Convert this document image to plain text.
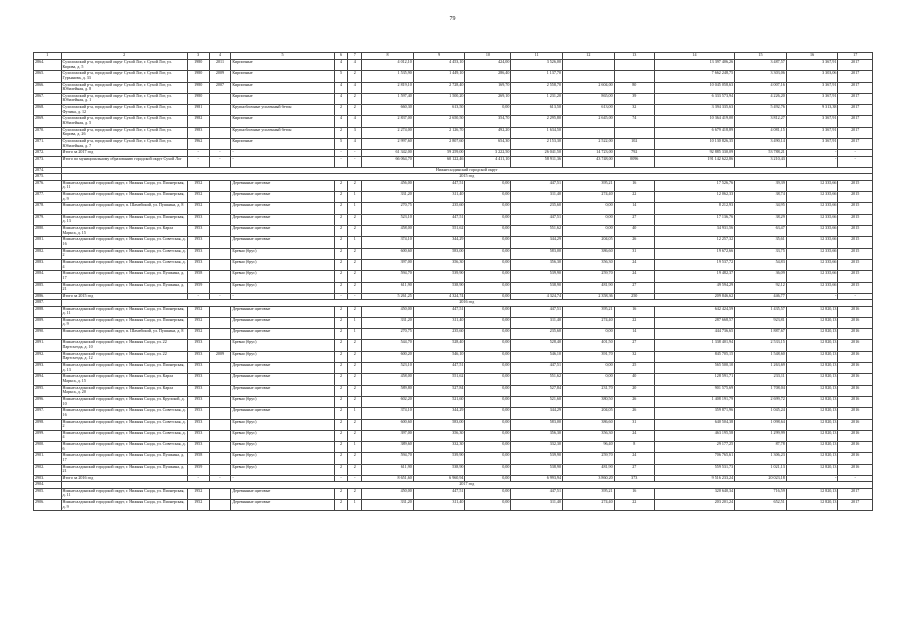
79
1	2	3	4	5	6	7	8	9	10	11	12	13	14	15	16	17
2864.	Сухоложский р-н, городской округ Сухой Лог, г. Сухой Лог, ул. Кирова, д. 5	1980	2011	Кирпичные	4	4	4 012,10	4 453,10	424,00	3 526,00			13 397 406,26	3 487,57	3 367,91	2017
2865.	Сухоложский р-н, городской округ Сухой Лог, г. Сухой Лог, ул. Гурьянова, д. 33	1980	2009	Кирпичные	5	2	1 535,90	1 449,10	286,40	1 137,70			7 662 248,75	3 303,06	3 303,06	2017
2866.	Сухоложский р-н, городской округ Сухой Лог, г. Сухой Лог, ул. Юбилейная, д. 8	1980	2007	Кирпичные	4	4	2 819,10	2 728,40	169,70	2 558,70	2 604,00	80	10 045 058,63	4 007,16	3 367,91	2017
2867.	Сухоложский р-н, городской округ Сухой Лог, г. Сухой Лог, ул. Юбилейная, д. 1	1980		Кирпичные	4	2	1 597,40	1 500,20	269,10	1 231,20	865,00	39	6 333 573,94	4 226,20	3 367,91	2017
2868.	Сухоложский р-н, городской округ Сухой Лог, г. Сухой Лог, ул. Фучика, д. 12	1981		Крупноблочные усиленный бетон	2	2	660,30	613,50	0,00	613,50	613,00	32	3 394 335,63	5 492,76	9 313,38	2017
2869.	Сухоложский р-н, городской округ Сухой Лог, г. Сухой Лог, ул. Юбилейная, д. 5	1982		Кирпичные	4	4	2 837,00	2 650,50	354,70	2 295,80	2 645,00	74	10 364 419,00	3 812,27	3 367,91	2017
2870.	Сухоложский р-н, городской округ Сухой Лог, г. Сухой Лог, ул. Кирова, д. 26	1983		Крупноблочные усиленный бетон	2	3	2 274,00	2 126,70	492,20	1 634,50			6 679 418,89	4 081,15	3 367,91	2017
2871.	Сухоложский р-н, городской округ Сухой Лог, г. Сухой Лог, ул. Юбилейная, д. 7	1962		Кирпичные	5	4	2 997,60	2 807,60	654,30	2 153,30	2 522,00	102	10 130 826,35	3 490,14	3 367,91	2017
2872.	Итого за 2017 год	-	-	-	-	-	61 342,00	59 259,00	3 222,50	26 041,50	14 723,00	792	92 885 330,09	53 788,21	-	-
2873.	Итого по муниципальному образованию городской округ Сухой Лог	-	-	-	-	-	66 064,70	60 122,46	4 411,10	58 911,36	43 748,00	0096	191 142 622,86	3 210,43	-	-
2874.	Нижнесалдинский городской округ															
2875.	2015 год															
2876.	Нижнесалдинский городской округ, г. Нижняя Салда, ул. Пионерская, д. 11	1952		Деревянные щитовые	2	2	456,00	447,51	0,00	447,51	395,21	16	17 526,76	39,39	12 335,66	2015
2877.	Нижнесалдинский городской округ, г. Нижняя Салда, ул. Пионерская, д. 9	1952		Деревянные щитовые	2	1	331,20	311,40	0,00	311,40	274,40	22	12 062,33	38,74	12 335,66	2015
2878.	Нижнесалдинский городской округ, п. Шамейский, ул. Пушкина, д. 8	1952		Деревянные щитовые	2	1	270,75	235,60	0,00	235,60	0,00	14	8 212,93	34,95	12 335,66	2015
2879.	Нижнесалдинский городской округ, г. Нижняя Салда, ул. Пионерская, д. 13	1953		Деревянные щитовые	2	2	523,10	447,51	0,00	447,51	0,00	27	17 136,76	38,29	12 335,66	2015
2880.	Нижнесалдинский городской округ, г. Нижняя Салда, ул. Карла Маркса, д. 15	1953		Деревянные щитовые	2	2	458,00	551,62	0,00	551,62	0,00	40	34 931,56	63,47	12 335,66	2015
2881.	Нижнесалдинский городской округ, г. Нижняя Салда, ул. Советская, д. 16	1953		Деревянные щитовые	2	1	374,10	344,29	0,00	344,29	204,05	26	12 257,32	35,61	12 335,66	2015
2882.	Нижнесалдинский городской округ, г. Нижняя Салда, ул. Советская, д. 2	1953		Бревно (брус)	2	2	600,60	583,00	0,00	583,00	386,60	31	19 672,66	33,75	12 335,66	2015
2883.	Нижнесалдинский городской округ, г. Нижняя Салда, ул. Советская, д. 4	1953		Бревно (брус)	2	2	397,00	356,30	0,00	356,30	356,30	24	19 537,72	54,83	12 335,66	2015
2884.	Нижнесалдинский городской округ, г. Нижняя Салда, ул. Пушкина, д. 17	1958		Бревно (брус)	2	2	594,70	539,90	0,00	539,90	259,70	24	19 482,37	36,09	12 335,66	2015
2885.	Нижнесалдинский городской округ, г. Нижняя Салда, ул. Пушкина, д. 21	1959		Бревно (брус)	2	2	611,90	538,90	0,00	538,90	481,90	27	49 594,29	92,12	12 335,66	2015
2886.	Итого за 2015 год	-	-	-	-	-	5 261,25	4 324,74	0,00	4 324,74	2 358,36	250	209 846,62	446,77	-	-
2887.	2016 год															
2888.	Нижнесалдинский городской округ, г. Нижняя Салда, ул. Пионерская, д. 11	1952		Деревянные щитовые	2	2	450,00	447,51	0,00	447,51	395,21	16	642 424,59	1 435,57	12 820,13	2016
2889.	Нижнесалдинский городской округ, г. Нижняя Салда, ул. Пионерская, д. 9	1952		Деревянные щитовые	2	1	331,20	311,40	0,00	311,40	274,40	22	287 668,57	923,81	12 820,13	2016
2890.	Нижнесалдинский городской округ, п. Шамейский, ул. Пушкина, д. 8	1952		Деревянные щитовые	2	1	270,75	235,60	0,00	235,60	0,00	14	444 736,65	1 887,67	12 820,13	2016
2891.	Нижнесалдинский городской округ, г. Нижняя Салда, ул. 22 Партсъезда, д. 10	1953		Бревно (брус)	2	2	544,70	528,40	0,00	528,40	401,50	27	1 338 401,94	2 533,15	12 820,13	2016
2892.	Нижнесалдинский городской округ, г. Нижняя Салда, ул. 22 Партсъезда, д. 12	1953	2009	Бревно (брус)	2	2	600,20	546,10	0,00	546,10	391,70	32	845 705,15	1 548,60	12 820,13	2016
2893.	Нижнесалдинский городской округ, г. Нижняя Салда, ул. Пионерская, д. 13	1953		Деревянные щитовые	2	2	523,10	447,51	0,00	447,51	0,00	25	565 500,10	1 263,69	12 820,13	2016
2894.	Нижнесалдинский городской округ, г. Нижняя Салда, ул. Карла Маркса, д. 15	1953		Деревянные щитовые	2	2	458,00	551,62	0,00	551,62	0,00	40	128 591,71	233,11	12 820,13	2016
2895.	Нижнесалдинский городской округ, г. Нижняя Салда, ул. Карла Маркса, д. 20	1953		Деревянные щитовые	2	2	589,80	527,84	0,00	527,84	231,70	20	901 575,69	1 708,04	12 820,13	2016
2896.	Нижнесалдинский городской округ, г. Нижняя Салда, ул. Крупской, д. 10	1953		Бревно (брус)	2	2	602,20	521,60	0,00	521,60	380,50	26	1 408 191,79	2 699,72	12 820,13	2016
2897.	Нижнесалдинский городской округ, г. Нижняя Салда, ул. Советская, д. 16	1953		Деревянные щитовые	2	1	374,10	344,29	0,00	344,29	204,05	26	359 871,96	1 045,24	12 820,13	2016
2898.	Нижнесалдинский городской округ, г. Нижняя Салда, ул. Советская, д. 2	1953		Бревно (брус)	2	2	600,60	583,00	0,00	583,00	386,60	31	640 504,38	1 098,64	12 820,13	2016
2899.	Нижнесалдинский городской округ, г. Нижняя Салда, ул. Советская, д. 4	1953		Бревно (брус)	2	2	397,00	356,30	0,00	356,30	356,30	24	463 195,58	1 299,99	12 820,13	2016
2900.	Нижнесалдинский городской округ, г. Нижняя Салда, ул. Советская, д. 6	1953		Бревно (брус)	2	1	389,60	332,30	0,00	332,30	96,40	8	29 177,25	87,78	12 820,13	2016
2901.	Нижнесалдинский городской округ, г. Нижняя Салда, ул. Пушкина, д. 17	1958		Бревно (брус)	2	2	594,70	539,90	0,00	539,90	259,70	24	706 765,61	1 306,23	12 820,13	2016
2902.	Нижнесалдинский городской округ, г. Нижняя Салда, ул. Пушкина, д. 21	1959		Бревно (брус)	2	2	611,90	538,90	0,00	538,90	481,90	27	559 531,73	1 021,13	12 820,13	2016
2903.	Итого за 2016 год	-	-	-	-	-	8 651,60	6 960,94	0,00	6 993,94	3 860,20	373	9 516 233,24	20 023,18	-	-
2904.	2017 год															
2905.	Нижнесалдинский городской округ, г. Нижняя Салда, ул. Пионерская, д. 11	1952		Деревянные щитовые	2	2	450,00	447,51	0,00	447,51	395,21	16	320 640,34	716,59	12 820,13	2017
2906.	Нижнесалдинский городской округ, г. Нижняя Салда, ул. Пионерская, д. 9	1952		Деревянные щитовые	2	1	331,20	311,40	0,00	311,40	274,40	22	203 201,24	652,51	12 820,13	2017
